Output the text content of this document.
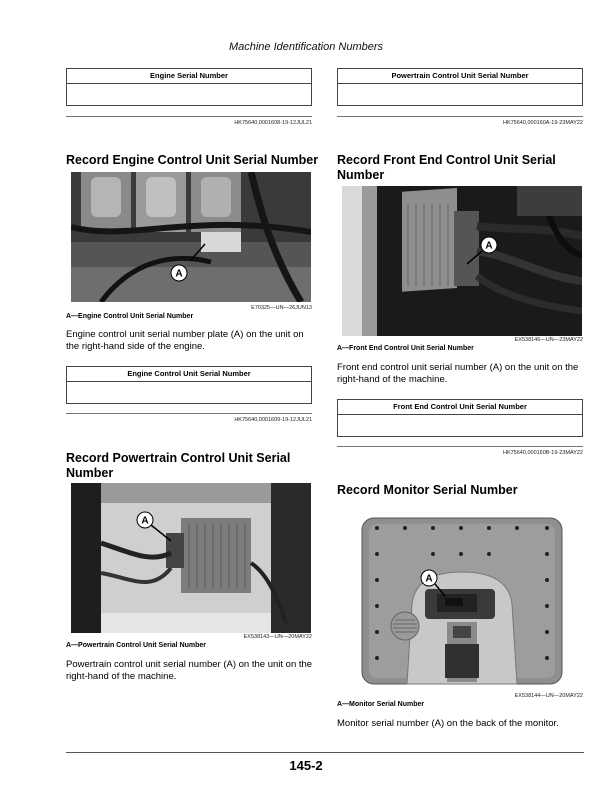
Machine Identification Numbers
Engine Serial Number
HK75640,0001608-19-12JUL21
Record Engine Control Unit Serial Number
A
E70325—UN—26JUN13
A—Engine Control Unit Serial Number
Engine control unit serial number plate (A) on the unit on the right-hand side of the engine.
Engine Control Unit Serial Number
HK75640,0001609-19-12JUL21
Record Powertrain Control Unit Serial Number
A
EX538143—UN—20MAY22
A—Powertrain Control Unit Serial Number
Powertrain control unit serial number (A) on the unit on the right-hand of the machine.
Powertrain Control Unit Serial Number
HK75640,000160A-19-23MAY22
Record Front End Control Unit Serial Number
A
EX538146—UN—23MAY22
A—Front End Control Unit Serial Number
Front end control unit serial number (A) on the unit on the right-hand of the machine.
Front End Control Unit Serial Number
HK75640,000160B-19-23MAY22
Record Monitor Serial Number
A
EX538144—UN—20MAY22
A—Monitor Serial Number
Monitor serial number (A) on the back of the monitor.
145-2
